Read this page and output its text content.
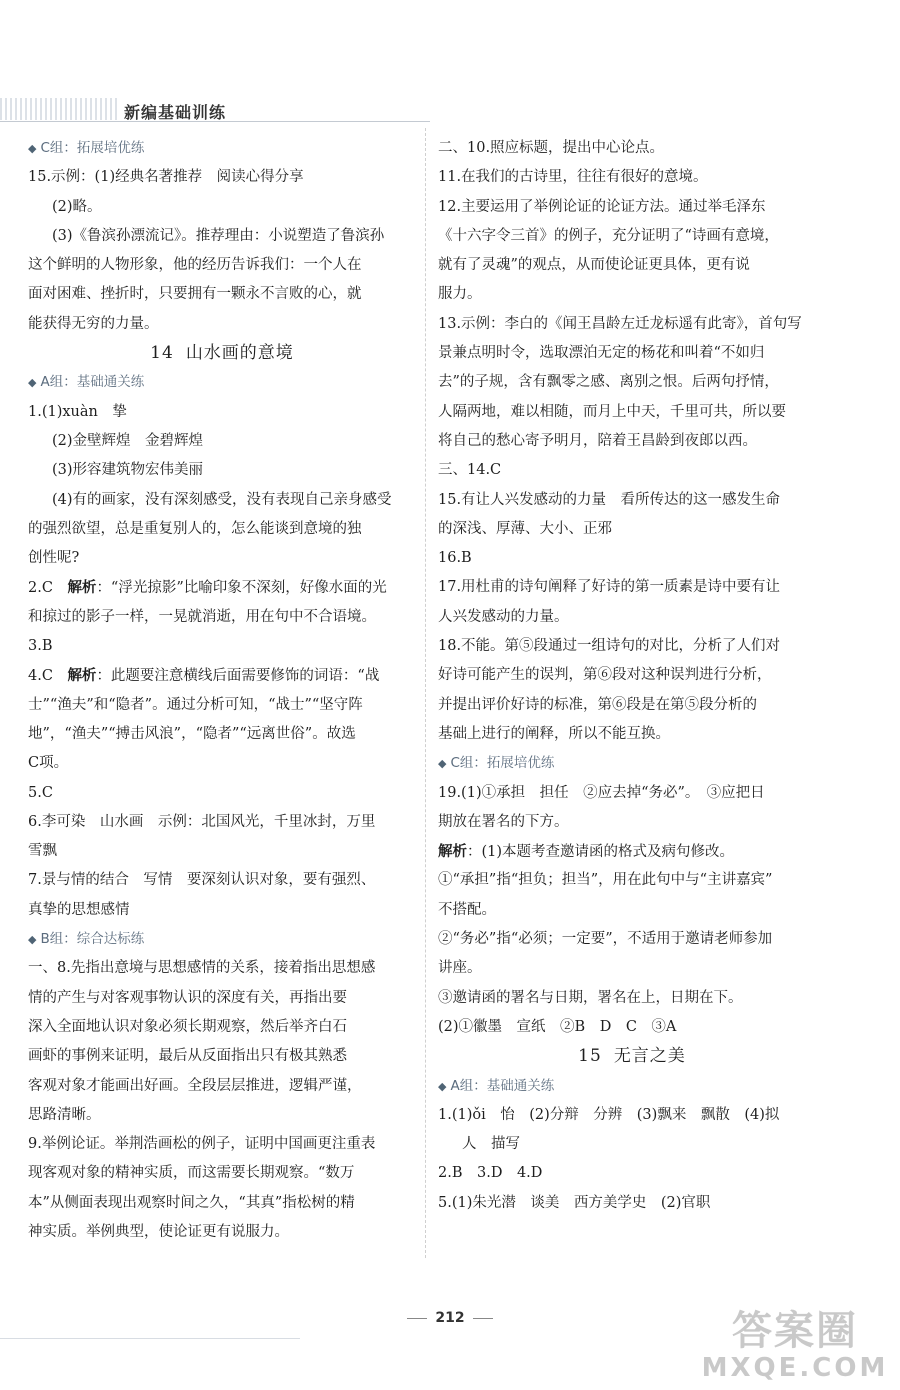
新编基础训练
◆ C组：拓展培优练
15.示例：(1)经典名著推荐　阅读心得分享
(2)略。
(3)《鲁滨孙漂流记》。推荐理由：小说塑造了鲁滨孙
这个鲜明的人物形象，他的经历告诉我们：一个人在
面对困难、挫折时，只要拥有一颗永不言败的心，就
能获得无穷的力量。
14 山水画的意境
◆ A组：基础通关练
1.(1)xuàn　挚
(2)金壁辉煌　金碧辉煌
(3)形容建筑物宏伟美丽
(4)有的画家，没有深刻感受，没有表现自己亲身感受
的强烈欲望，总是重复别人的，怎么能谈到意境的独
创性呢?
2.C　解析：“浮光掠影”比喻印象不深刻，好像水面的光
和掠过的影子一样，一晃就消逝，用在句中不合语境。
3.B
4.C　解析：此题要注意横线后面需要修饰的词语：“战
士”“渔夫”和“隐者”。通过分析可知，“战士”“坚守阵
地”，“渔夫”“搏击风浪”，“隐者”“远离世俗”。故选
C项。
5.C
6.李可染　山水画　示例：北国风光，千里冰封，万里
雪飘
7.景与情的结合　写情　要深刻认识对象，要有强烈、
真挚的思想感情
◆ B组：综合达标练
一、8.先指出意境与思想感情的关系，接着指出思想感
情的产生与对客观事物认识的深度有关，再指出要
深入全面地认识对象必须长期观察，然后举齐白石
画虾的事例来证明，最后从反面指出只有极其熟悉
客观对象才能画出好画。全段层层推进，逻辑严谨，
思路清晰。
9.举例论证。举荆浩画松的例子，证明中国画更注重表
现客观对象的精神实质，而这需要长期观察。“数万
本”从侧面表现出观察时间之久，“其真”指松树的精
神实质。举例典型，使论证更有说服力。
二、10.照应标题，提出中心论点。
11.在我们的古诗里，往往有很好的意境。
12.主要运用了举例论证的论证方法。通过举毛泽东
《十六字令三首》的例子，充分证明了“诗画有意境，
就有了灵魂”的观点，从而使论证更具体，更有说
服力。
13.示例：李白的《闻王昌龄左迁龙标遥有此寄》，首句写
景兼点明时令，选取漂泊无定的杨花和叫着“不如归
去”的子规，含有飘零之感、离别之恨。后两句抒情，
人隔两地，难以相随，而月上中天，千里可共，所以要
将自己的愁心寄予明月，陪着王昌龄到夜郎以西。
三、14.C
15.有让人兴发感动的力量　看所传达的这一感发生命
的深浅、厚薄、大小、正邪
16.B
17.用杜甫的诗句阐释了好诗的第一质素是诗中要有让
人兴发感动的力量。
18.不能。第⑤段通过一组诗句的对比，分析了人们对
好诗可能产生的误判，第⑥段对这种误判进行分析，
并提出评价好诗的标准，第⑥段是在第⑤段分析的
基础上进行的阐释，所以不能互换。
◆ C组：拓展培优练
19.(1)①承担　担任　②应去掉“务必”。　③应把日
期放在署名的下方。
解析：(1)本题考查邀请函的格式及病句修改。
①“承担”指“担负；担当”，用在此句中与“主讲嘉宾”
不搭配。
②“务必”指“必须；一定要”，不适用于邀请老师参加
讲座。
③邀请函的署名与日期，署名在上，日期在下。
(2)①徽墨　宣纸　②B　D　C　③A
15 无言之美
◆ A组：基础通关练
1.(1)ǒi　怡　(2)分辩　分辨　(3)飘来　飘散　(4)拟
人　描写
2.B　3.D　4.D
5.(1)朱光潜　谈美　西方美学史　(2)官职
212	答案圈
MXQE.COM
